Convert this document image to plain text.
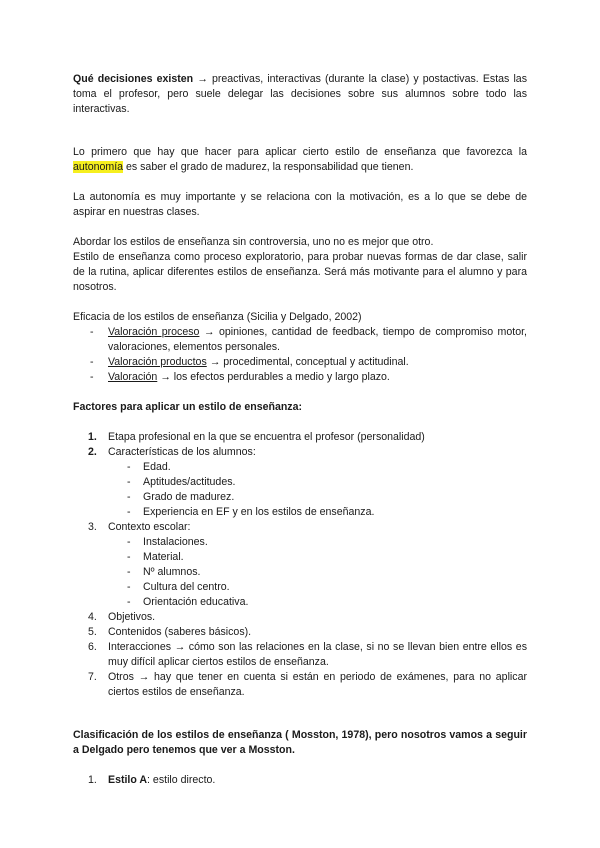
Qué decisiones existen → preactivas, interactivas (durante la clase) y postactivas. Estas las toma el profesor, pero suele delegar las decisiones sobre sus alumnos sobre todo las interactivas.

Lo primero que hay que hacer para aplicar cierto estilo de enseñanza que favorezca la autonomía es saber el grado de madurez, la responsabilidad que tienen.

La autonomía es muy importante y se relaciona con la motivación, es a lo que se debe de aspirar en nuestras clases.

Abordar los estilos de enseñanza sin controversia, uno no es mejor que otro.

Estilo de enseñanza como proceso exploratorio, para probar nuevas formas de dar clase, salir de la rutina, aplicar diferentes estilos de enseñanza. Será más motivante para el alumno y para nosotros.

Eficacia de los estilos de enseñanza (Sicilia y Delgado, 2002)

- Valoración proceso → opiniones, cantidad de feedback, tiempo de compromiso motor, valoraciones, elementos personales.
- Valoración productos → procedimental, conceptual y actitudinal.
- Valoración → los efectos perdurables a medio y largo plazo.

Factores para aplicar un estilo de enseñanza:

1. Etapa profesional en la que se encuentra el profesor (personalidad)
2. Características de los alumnos:
- Edad.
- Aptitudes/actitudes.
- Grado de madurez.
- Experiencia en EF y en los estilos de enseñanza.
3. Contexto escolar:
- Instalaciones.
- Material.
- Nº alumnos.
- Cultura del centro.
- Orientación educativa.
4. Objetivos.
5. Contenidos (saberes básicos).
6. Interacciones → cómo son las relaciones en la clase, si no se llevan bien entre ellos es muy difícil aplicar ciertos estilos de enseñanza.
7. Otros → hay que tener en cuenta si están en periodo de exámenes, para no aplicar ciertos estilos de enseñanza.

Clasificación de los estilos de enseñanza ( Mosston, 1978), pero nosotros vamos a seguir a Delgado pero tenemos que ver a Mosston.

1. Estilo A: estilo directo.
